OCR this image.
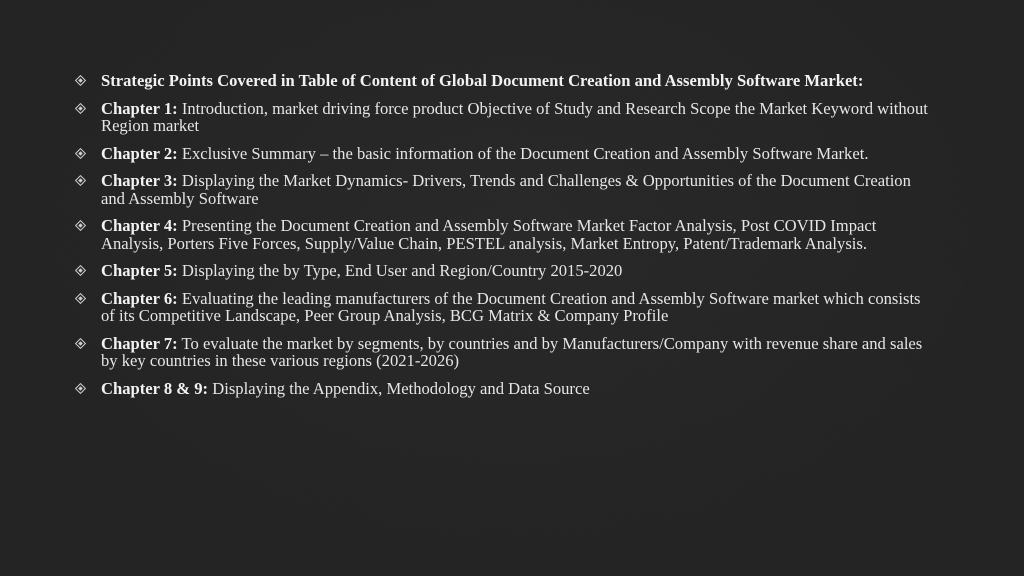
Strategic Points Covered in Table of Content of Global Document Creation and Assembly Software Market:
Chapter 1: Introduction, market driving force product Objective of Study and Research Scope the Market Keyword without Region market
Chapter 2: Exclusive Summary – the basic information of the Document Creation and Assembly Software Market.
Chapter 3: Displaying the Market Dynamics- Drivers, Trends and Challenges & Opportunities of the Document Creation and Assembly Software
Chapter 4: Presenting the Document Creation and Assembly Software Market Factor Analysis, Post COVID Impact Analysis, Porters Five Forces, Supply/Value Chain, PESTEL analysis, Market Entropy, Patent/Trademark Analysis.
Chapter 5: Displaying the by Type, End User and Region/Country 2015-2020
Chapter 6: Evaluating the leading manufacturers of the Document Creation and Assembly Software market which consists of its Competitive Landscape, Peer Group Analysis, BCG Matrix & Company Profile
Chapter 7: To evaluate the market by segments, by countries and by Manufacturers/Company with revenue share and sales by key countries in these various regions (2021-2026)
Chapter 8 & 9: Displaying the Appendix, Methodology and Data Source
